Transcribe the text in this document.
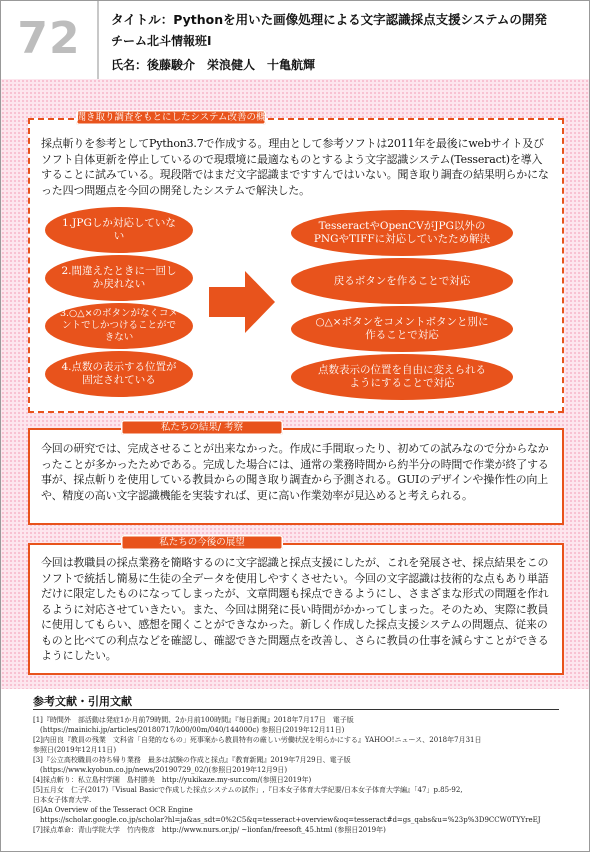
72 タイトル：Pythonを用いた画像処理による文字認識採点支援システムの開発
チーム北斗情報班Ⅰ
氏名：後藤駿介　栄浪健人　十亀航輝
聞き取り調査をもとにしたシステム改善の概要
採点斬りを参考としてPython3.7で作成する。理由として参考ソフトは2011年を最後にwebサイト及びソフト自体更新を停止しているので現環境に最適なものとするよう文字認識システム(Tesseract)を導入することに試みている。現段階ではまだ文字認識まですすんではいない。聞き取り調査の結果明らかになった四つ問題点を今回の開発したシステムで解決した。
1.JPGしか対応していない
2.間違えたときに一回しか戻れない
3.○△×のボタンがなくコメントでしかつけることができない
4.点数の表示する位置が固定されている
TesseractやOpenCVがJPG以外のPNGやTIFFに対応していたため解決
戻るボタンを作ることで対応
○△×ボタンをコメントボタンと別に作ることで対応
点数表示の位置を自由に変えられるようにすることで対応
私たちの結果/ 考察
今回の研究では、完成させることが出来なかった。作成に手間取ったり、初めての試みなので分からなかったことが多かったためである。完成した場合には、通常の業務時間から約半分の時間で作業が終了する事が、採点斬りを使用している教員からの聞き取り調査から予測される。GUIのデザインや操作性の向上や、精度の高い文字認識機能を実装すれば、更に高い作業効率が見込めると考えられる。
私たちの今後の展望
今回は教職員の採点業務を簡略するのに文字認識と採点支援にしたが、これを発展させ、採点結果をこのソフトで統括し簡易に生徒の全データを使用しやすくさせたい。今回の文字認識は技術的な点もあり単語だけに限定したものになってしまったが、文章問題も採点できるようにし、さまざまな形式の問題を作れるように対応させていきたい。また、今回は開発に長い時間がかかってしまった。そのため、実際に教員に使用してもらい、感想を聞くことができなかった。新しく作成した採点支援システムの問題点、従来のものと比べての利点などを確認し、確認できた問題点を改善し、さらに教員の仕事を減らすことができるようにしたい。
参考文献・引用文献
[1]『時間外　部活動は発症1か月前79時間、2か月前100時間』『毎日新聞』2018年7月17日　電子版
　(https://mainichi.jp/articles/20180717/k00/00m/040/144000c) 参照日(2019年12月11日)
[2]内田良『教員の残業　文科省「自発的なもの」死事案から教員特有の厳しい労働状況を明らかにする』YAHOO!ニュース、2018年7月31日
参照日(2019年12月11日)
[3]『公立高校職員の持ち帰り業務　最多は試験の作成と採点』『教育新聞』2019年7月29日、電子版
　(https://www.kyobun.co.jp/news/20190729_02/)(参照日2019年12月9日)
[4]採点斬り：私立島村学園　島村勝美　http://yukikaze.my-sur.com/(参照日2019年)
[5]五月女　仁子(2017)「Visual Basicで作成した採点システムの試作」,『日本女子体育大学紀要/日本女子体育大学編』「47」p.85-92,
日本女子体育大学.
[6]An Overview of the Tesseract OCR Engine
　https://scholar.google.co.jp/scholar?hl=ja&as_sdt=0%2C5&q=tesseract+overview&oq=tesseract#d=gs_qabs&u=%23p%3D9CCW0TYYreEJ
[7]採点革命：青山学院大学　竹内俊彦　http://www.nurs.or.jp/ ~lionfan/freesoft_45.html (参照日2019年)
